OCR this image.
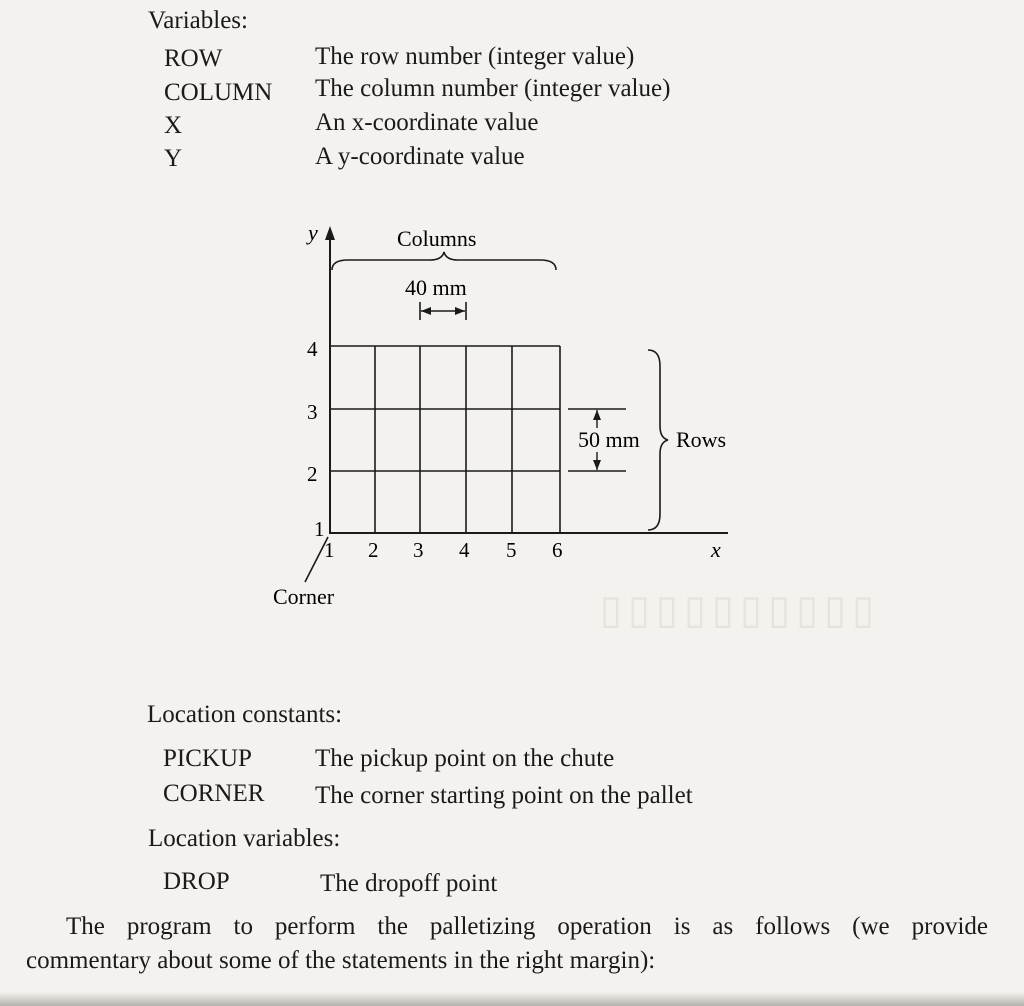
▯▯▯▯▯▯▯▯▯▯
Variables:
ROW	The row number (integer value)
COLUMN The column number (integer value)
X	An x-coordinate value
Y	A y-coordinate value
y
x
4
3
2
1
1 2 3 4 5 6
Columns
40 mm
50 mm Rows
Corner
Location constants:
PICKUP	The pickup point on the chute
CORNER The corner starting point on the pallet
Location variables:
DROP	The dropoff point
The program to perform the palletizing operation is as follows (we provide
commentary about some of the statements in the right margin):
